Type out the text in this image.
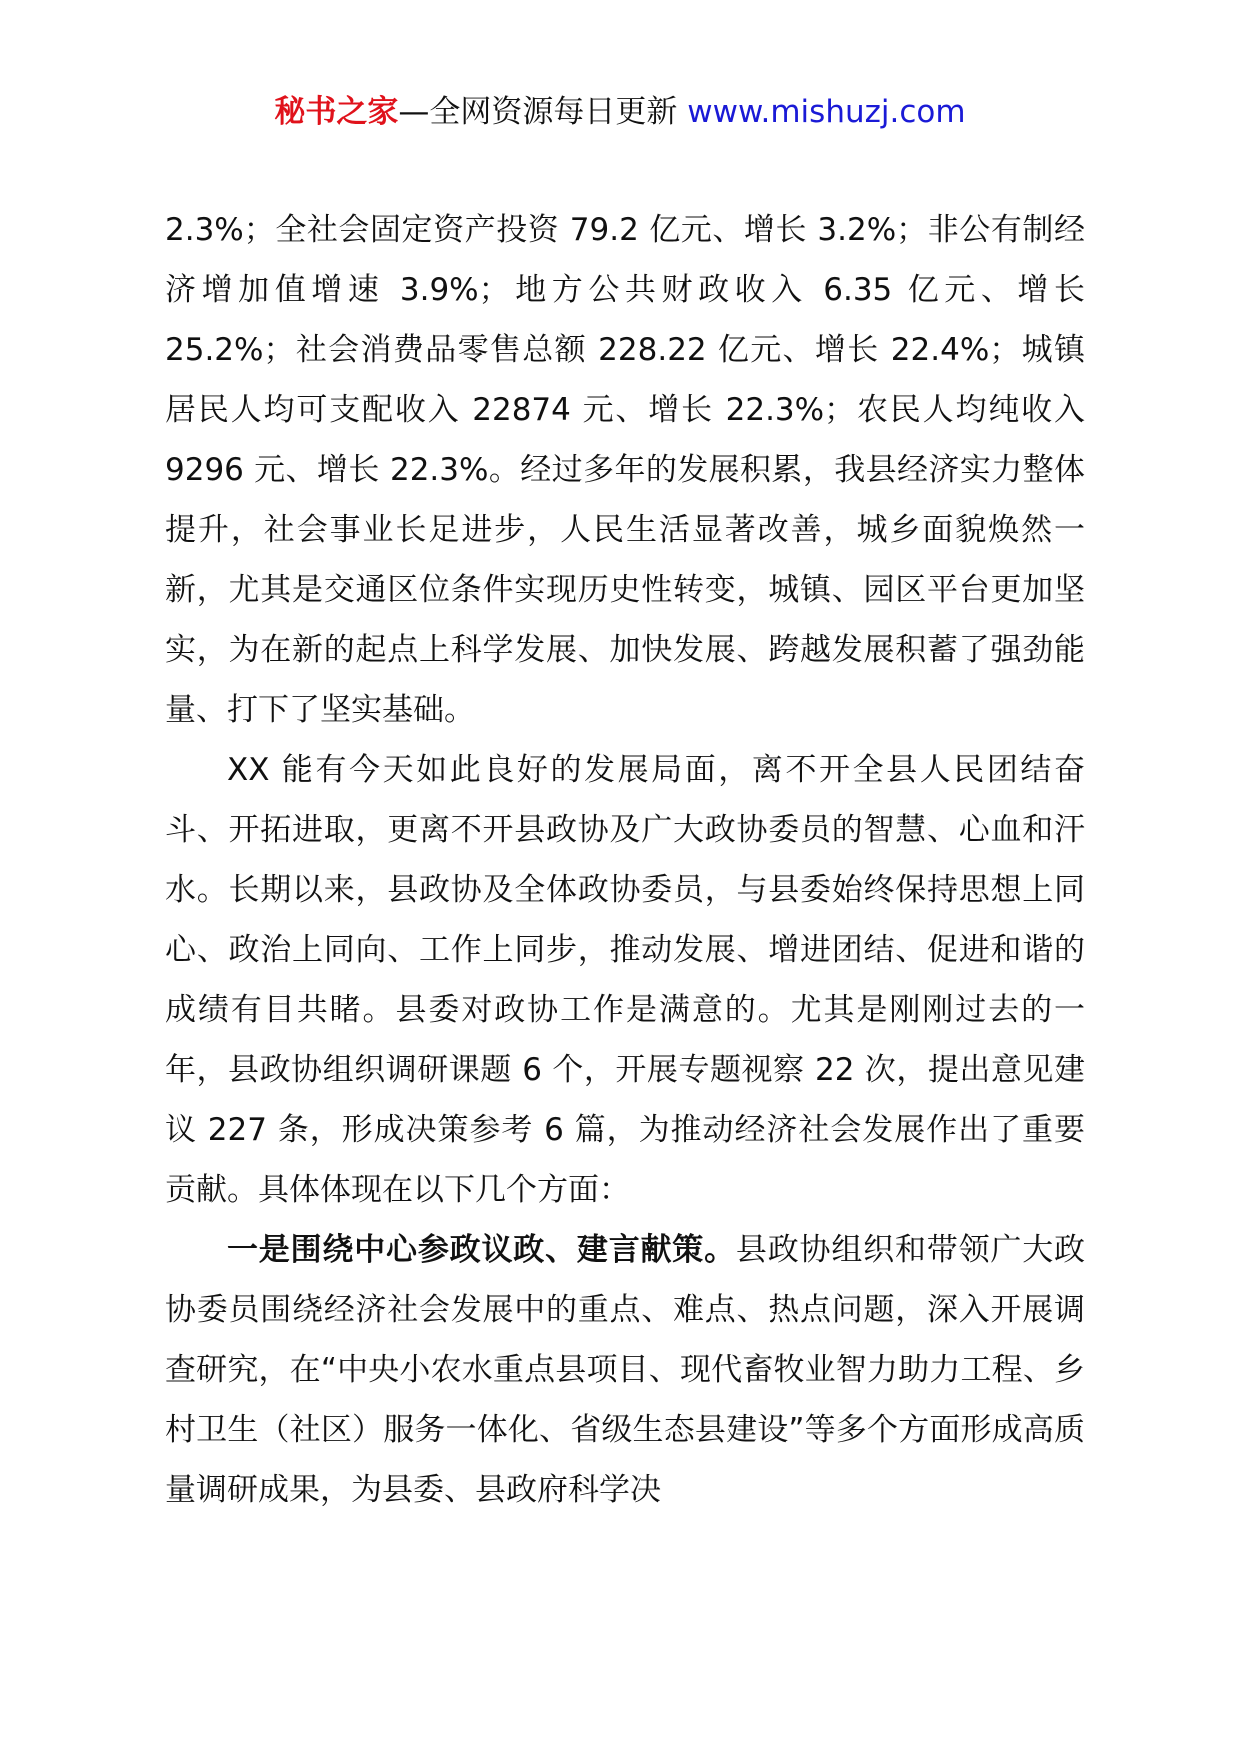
秘书之家—全网资源每日更新 www.mishuzj.com

2.3%；全社会固定资产投资 79.2 亿元、增长 3.2%；非公有制经济增加值增速 3.9%；地方公共财政收入 6.35 亿元、增长 25.2%；社会消费品零售总额 228.22 亿元、增长 22.4%；城镇居民人均可支配收入 22874 元、增长 22.3%；农民人均纯收入 9296 元、增长 22.3%。经过多年的发展积累，我县经济实力整体提升，社会事业长足进步，人民生活显著改善，城乡面貌焕然一新，尤其是交通区位条件实现历史性转变，城镇、园区平台更加坚实，为在新的起点上科学发展、加快发展、跨越发展积蓄了强劲能量、打下了坚实基础。

XX 能有今天如此良好的发展局面，离不开全县人民团结奋斗、开拓进取，更离不开县政协及广大政协委员的智慧、心血和汗水。长期以来，县政协及全体政协委员，与县委始终保持思想上同心、政治上同向、工作上同步，推动发展、增进团结、促进和谐的成绩有目共睹。县委对政协工作是满意的。尤其是刚刚过去的一年，县政协组织调研课题 6 个，开展专题视察 22 次，提出意见建议 227 条，形成决策参考 6 篇，为推动经济社会发展作出了重要贡献。具体体现在以下几个方面：

一是围绕中心参政议政、建言献策。县政协组织和带领广大政协委员围绕经济社会发展中的重点、难点、热点问题，深入开展调查研究，在“中央小农水重点县项目、现代畜牧业智力助力工程、乡村卫生（社区）服务一体化、省级生态县建设”等多个方面形成高质量调研成果，为县委、县政府科学决
